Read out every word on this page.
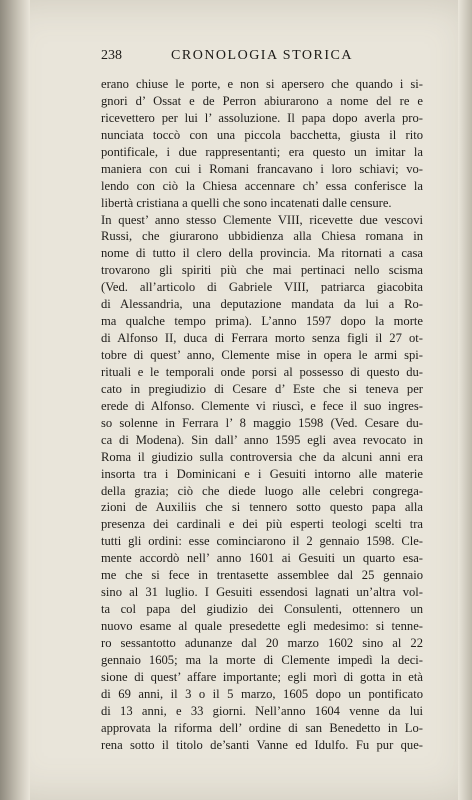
238	CRONOLOGIA STORICA
erano chiuse le porte, e non si apersero che quando i si-
gnori d’ Ossat e de Perron abiurarono a nome del re e
ricevettero per lui l’ assoluzione. Il papa dopo averla pro-
nunciata toccò con una piccola bacchetta, giusta il rito
pontificale, i due rappresentanti; era questo un imitar la
maniera con cui i Romani francavano i loro schiavi; vo-
lendo con ciò la Chiesa accennare ch’ essa conferisce la
libertà cristiana a quelli che sono incatenati dalle censure.
In quest’ anno stesso Clemente VIII, ricevette due vescovi
Russi, che giurarono ubbidienza alla Chiesa romana in
nome di tutto il clero della provincia. Ma ritornati a casa
trovarono gli spiriti più che mai pertinaci nello scisma
(Ved. all’articolo di Gabriele VIII, patriarca giacobita
di Alessandria, una deputazione mandata da lui a Ro-
ma qualche tempo prima). L’anno 1597 dopo la morte
di Alfonso II, duca di Ferrara morto senza figli il 27 ot-
tobre di quest’ anno, Clemente mise in opera le armi spi-
rituali e le temporali onde porsi al possesso di questo du-
cato in pregiudizio di Cesare d’ Este che si teneva per
erede di Alfonso. Clemente vi riuscì, e fece il suo ingres-
so solenne in Ferrara l’ 8 maggio 1598 (Ved. Cesare du-
ca di Modena). Sin dall’ anno 1595 egli avea revocato in
Roma il giudizio sulla controversia che da alcuni anni era
insorta tra i Dominicani e i Gesuiti intorno alle materie
della grazia; ciò che diede luogo alle celebri congrega-
zioni de Auxiliis che si tennero sotto questo papa alla
presenza dei cardinali e dei più esperti teologi scelti tra
tutti gli ordini: esse cominciarono il 2 gennaio 1598. Cle-
mente accordò nell’ anno 1601 ai Gesuiti un quarto esa-
me che si fece in trentasette assemblee dal 25 gennaio
sino al 31 luglio. I Gesuiti essendosi lagnati un’altra vol-
ta col papa del giudizio dei Consulenti, ottennero un
nuovo esame al quale presedette egli medesimo: si tenne-
ro sessantotto adunanze dal 20 marzo 1602 sino al 22
gennaio 1605; ma la morte di Clemente impedì la deci-
sione di quest’ affare importante; egli morì di gotta in età
di 69 anni, il 3 o il 5 marzo, 1605 dopo un pontificato
di 13 anni, e 33 giorni. Nell’anno 1604 venne da lui
approvata la riforma dell’ ordine di san Benedetto in Lo-
rena sotto il titolo de’santi Vanne ed Idulfo. Fu pur que-
